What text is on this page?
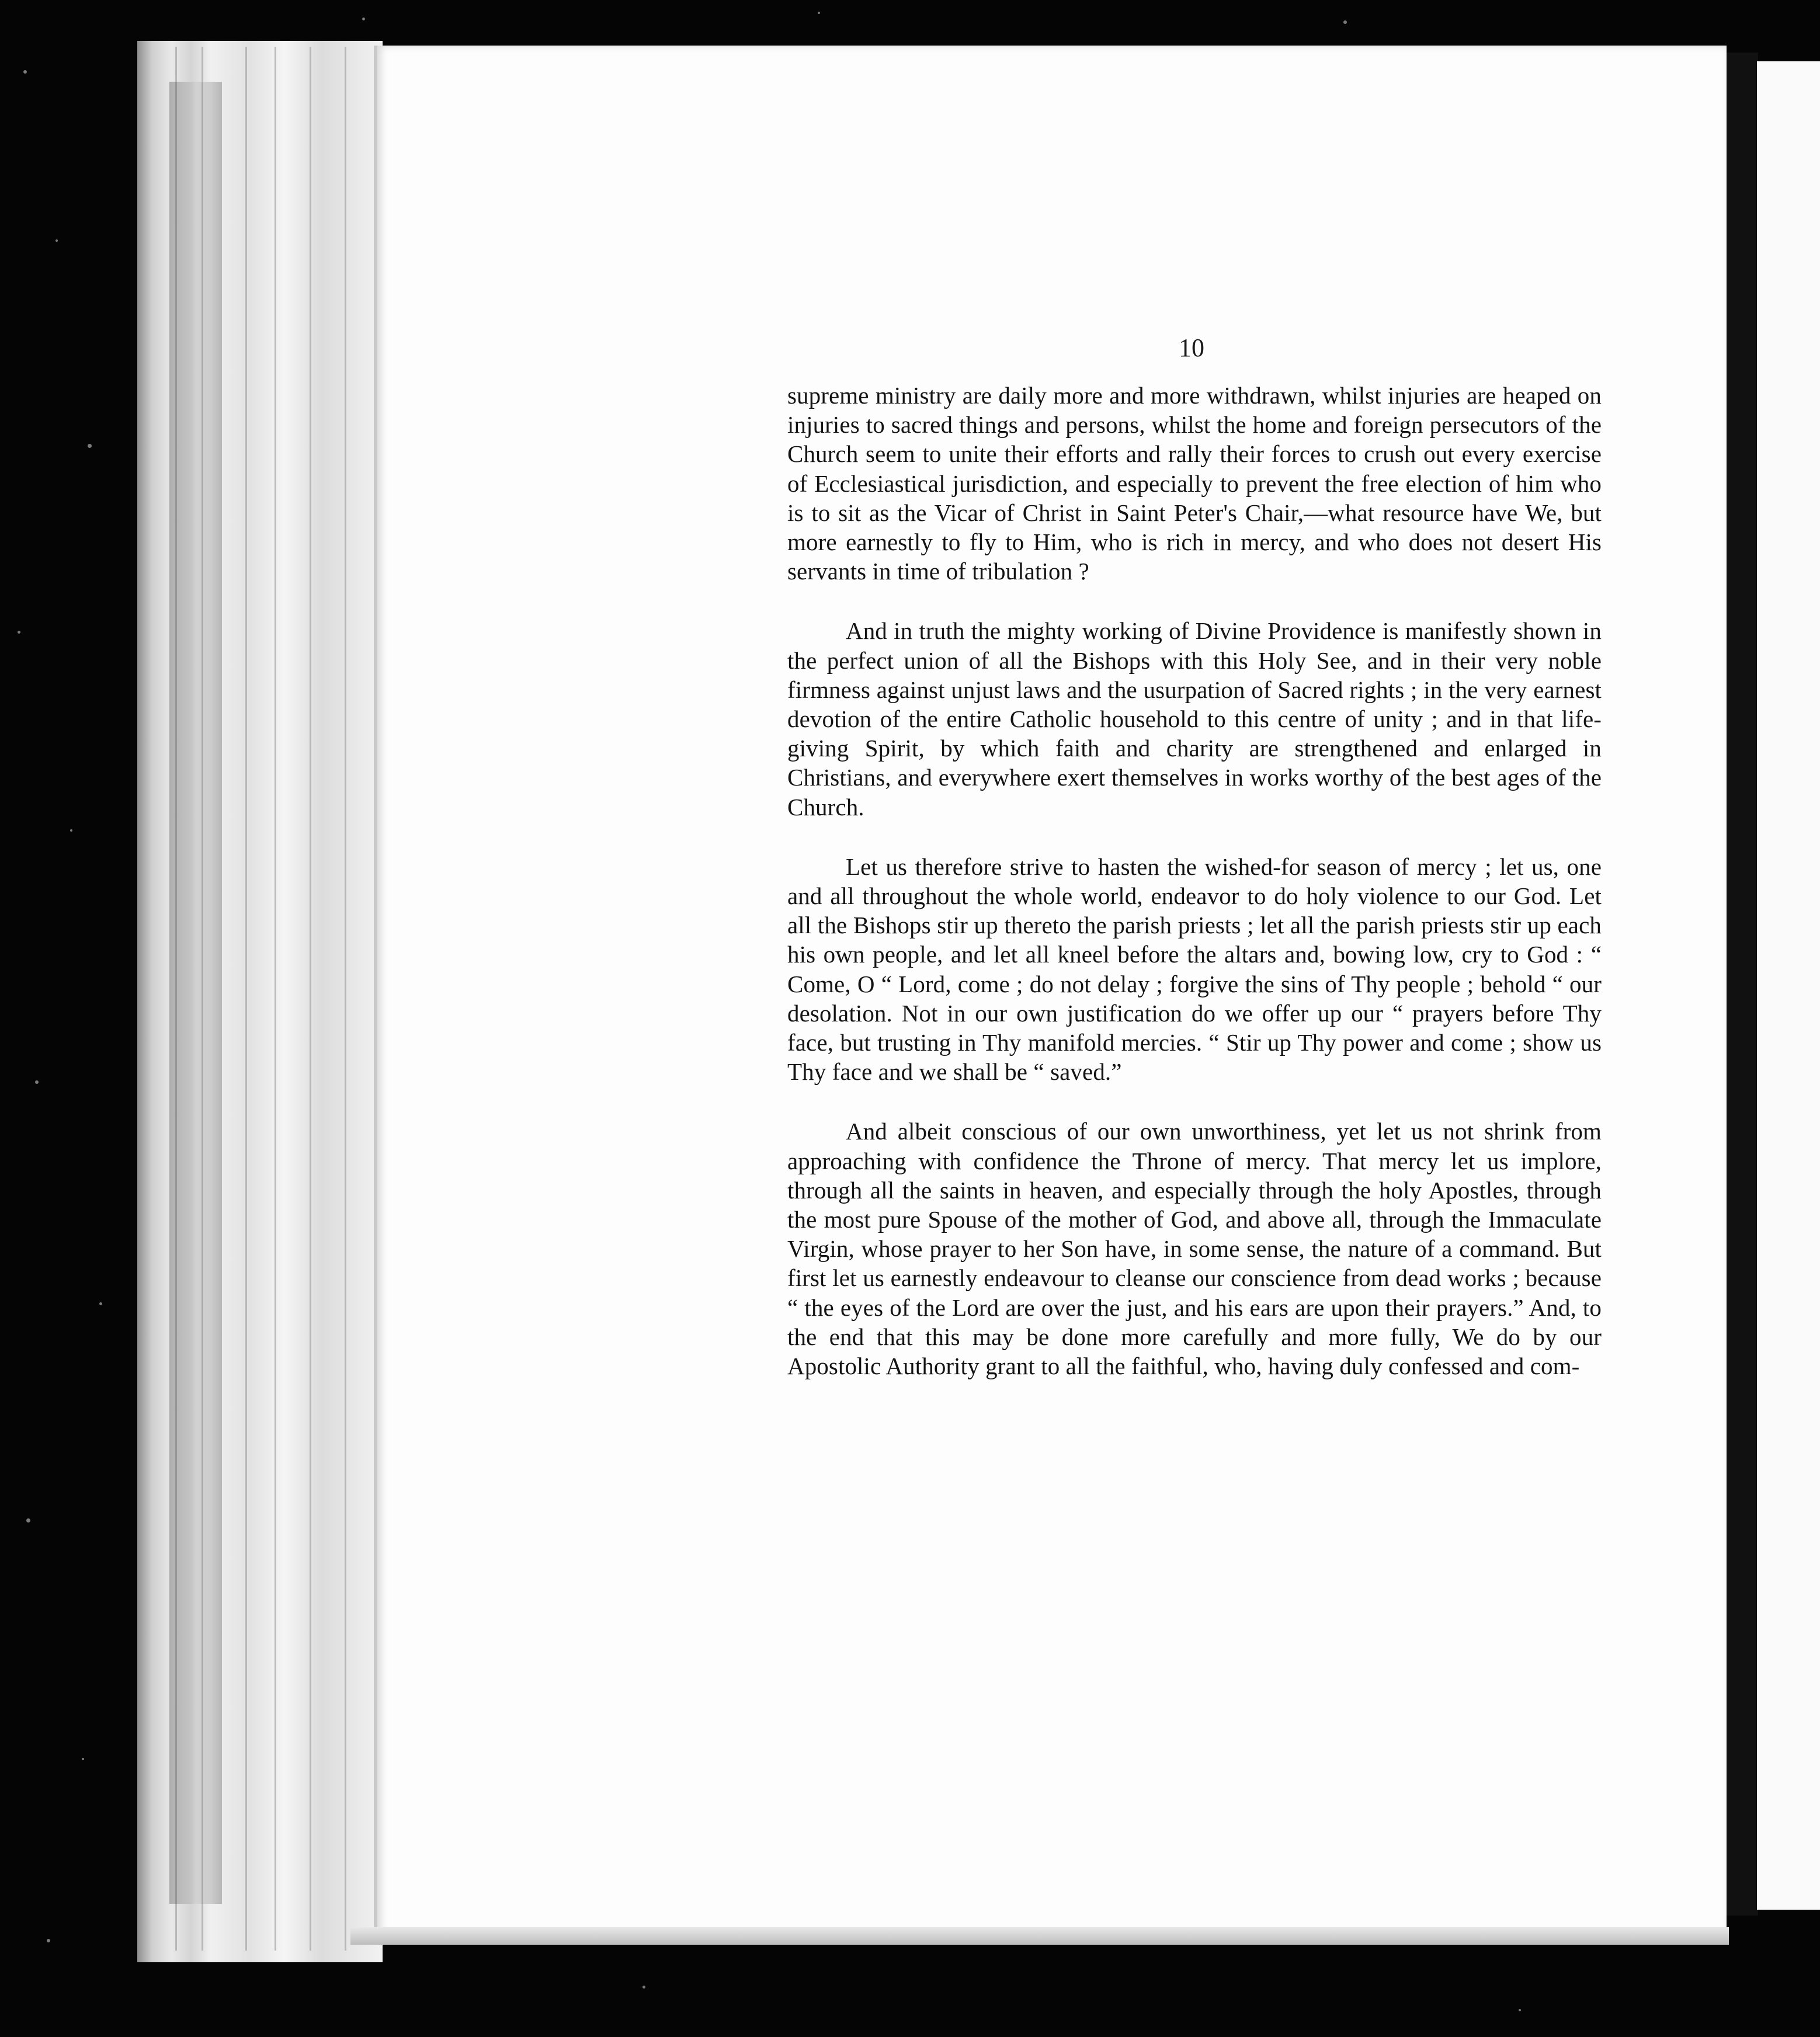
10

supreme ministry are daily more and more withdrawn, whilst injuries are heaped on injuries to sacred things and persons, whilst the home and foreign persecutors of the Church seem to unite their efforts and rally their forces to crush out every exercise of Ecclesiastical jurisdiction, and especially to prevent the free election of him who is to sit as the Vicar of Christ in Saint Peter's Chair,—what resource have We, but more earnestly to fly to Him, who is rich in mercy, and who does not desert His servants in time of tribulation ?

And in truth the mighty working of Divine Providence is manifestly shown in the perfect union of all the Bishops with this Holy See, and in their very noble firmness against unjust laws and the usurpation of Sacred rights ; in the very earnest devotion of the entire Catholic household to this centre of unity ; and in that life-giving Spirit, by which faith and charity are strengthened and enlarged in Christians, and everywhere exert themselves in works worthy of the best ages of the Church.

Let us therefore strive to hasten the wished-for season of mercy ; let us, one and all throughout the whole world, endeavor to do holy violence to our God. Let all the Bishops stir up thereto the parish priests ; let all the parish priests stir up each his own people, and let all kneel before the altars and, bowing low, cry to God : “ Come, O “ Lord, come ; do not delay ; forgive the sins of Thy people ; behold “ our desolation. Not in our own justification do we offer up our “ prayers before Thy face, but trusting in Thy manifold mercies. “ Stir up Thy power and come ; show us Thy face and we shall be “ saved.”

And albeit conscious of our own unworthiness, yet let us not shrink from approaching with confidence the Throne of mercy. That mercy let us implore, through all the saints in heaven, and especially through the holy Apostles, through the most pure Spouse of the mother of God, and above all, through the Immaculate Virgin, whose prayer to her Son have, in some sense, the nature of a command. But first let us earnestly endeavour to cleanse our conscience from dead works ; because “ the eyes of the Lord are over the just, and his ears are upon their prayers.” And, to the end that this may be done more carefully and more fully, We do by our Apostolic Authority grant to all the faithful, who, having duly confessed and com-
